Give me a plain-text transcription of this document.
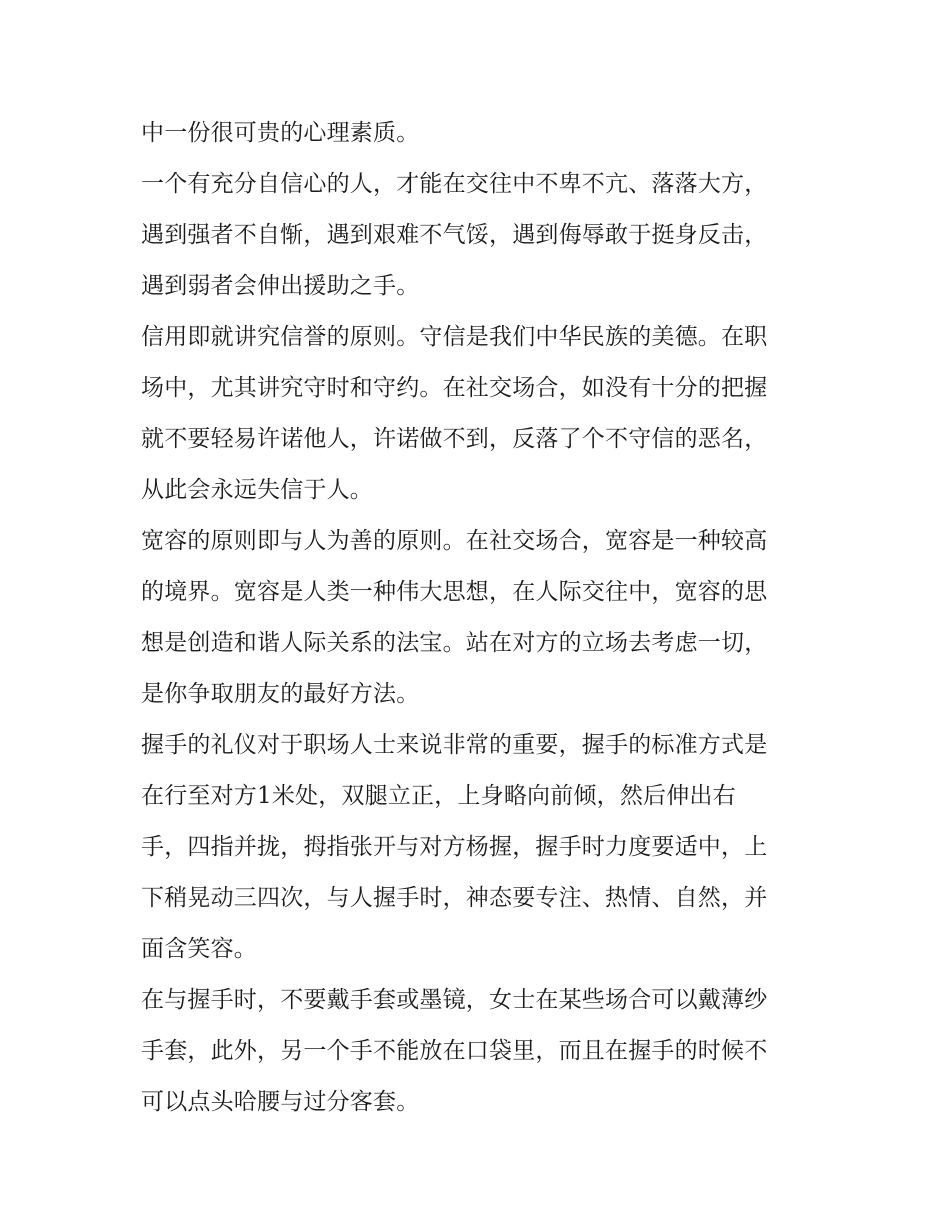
中一份很可贵的心理素质。
一个有充分自信心的人，才能在交往中不卑不亢、落落大方，
遇到强者不自惭，遇到艰难不气馁，遇到侮辱敢于挺身反击，
遇到弱者会伸出援助之手。
信用即就讲究信誉的原则。守信是我们中华民族的美德。在职
场中，尤其讲究守时和守约。在社交场合，如没有十分的把握
就不要轻易许诺他人，许诺做不到，反落了个不守信的恶名，
从此会永远失信于人。
宽容的原则即与人为善的原则。在社交场合，宽容是一种较高
的境界。宽容是人类一种伟大思想，在人际交往中，宽容的思
想是创造和谐人际关系的法宝。站在对方的立场去考虑一切，
是你争取朋友的最好方法。
握手的礼仪对于职场人士来说非常的重要，握手的标准方式是
在行至对方1米处，双腿立正，上身略向前倾，然后伸出右
手，四指并拢，拇指张开与对方杨握，握手时力度要适中，上
下稍晃动三四次，与人握手时，神态要专注、热情、自然，并
面含笑容。
在与握手时，不要戴手套或墨镜，女士在某些场合可以戴薄纱
手套，此外，另一个手不能放在口袋里，而且在握手的时候不
可以点头哈腰与过分客套。
